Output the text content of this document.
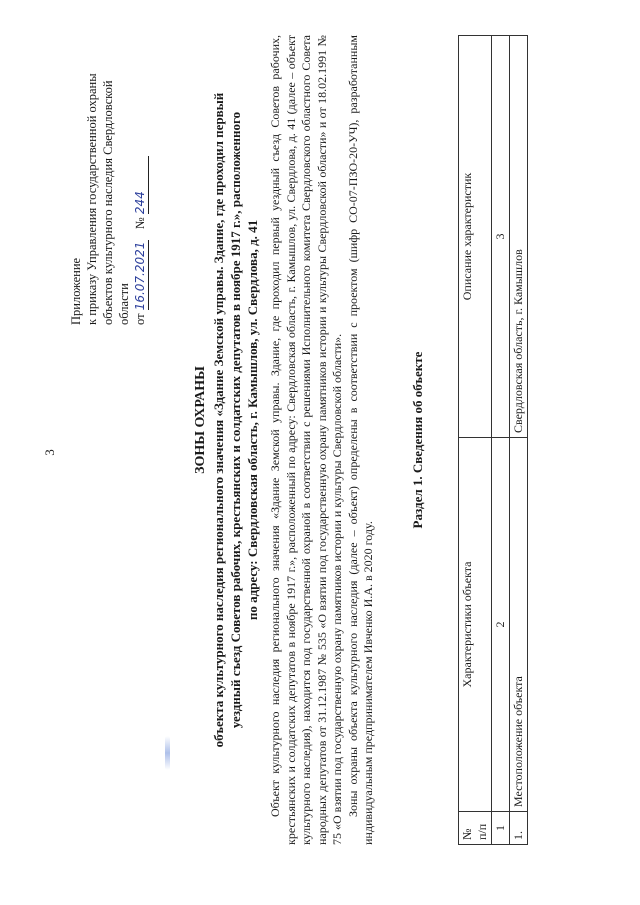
3
Приложение к приказу Управления государственной охраны объектов культурного наследия Свердловской области от 16.07.2021 № 244
ЗОНЫ ОХРАНЫ объекта культурного наследия регионального значения «Здание Земской управы. Здание, где проходил первый уездный съезд Советов рабочих, крестьянских и солдатских депутатов в ноябре 1917 г.», расположенного по адресу: Свердловская область, г. Камышлов, ул. Свердлова, д. 41 Объект культурного наследия регионального значения «Здание Земской управы. Здание, где проходил первый уездный съезд Советов рабочих, крестьянских и солдатских депутатов в ноябре 1917 г.», расположенный по адресу: Свердловская область, г. Камышлов, ул. Свердлова, д. 41 (далее – объект культурного наследия), находится под государственной охраной в соответствии с решениями Исполнительного комитета Свердловского областного Совета народных депутатов от 31.12.1987 № 535 «О взятии под государственную охрану памятников истории и культуры Свердловской области» и от 18.02.1991 № 75 «О взятии под государственную охрану памятников истории и культуры Свердловской области». Зоны охраны объекта культурного наследия (далее – объект) определены в соответствии с проектом (шифр СО-07-ПЗО-20-УЧ), разработанным индивидуальным предпринимателем Ивченко И.А. в 2020 году.

Раздел 1. Сведения об объекте
№ п/п	Характеристики объекта	Описание характеристик
1	2	3
1.	Местоположение объекта	Свердловская область, г. Камышлов
